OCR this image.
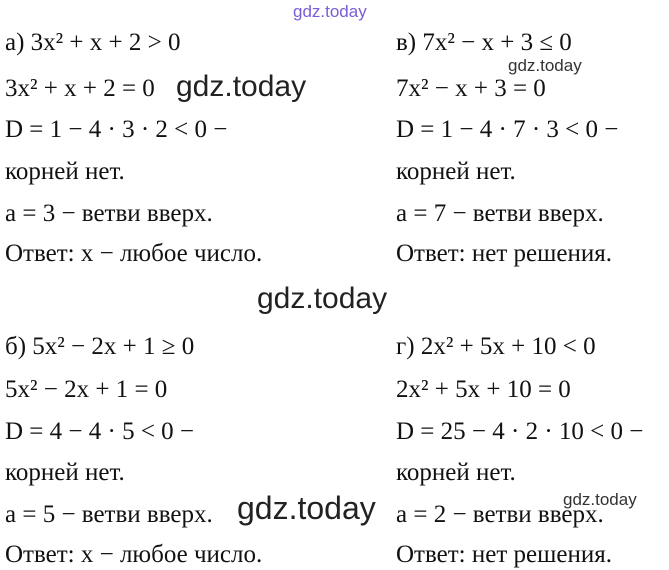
gdz.today
а) 3x² + x + 2 > 0
3x² + x + 2 = 0 gdz.today
D = 1 − 4 · 3 · 2 < 0 −
корней нет.
a = 3 − ветви вверх.
Ответ: x − любое число.
в) 7x² − x + 3 ≤ 0
gdz.today
7x² − x + 3 = 0
D = 1 − 4 · 7 · 3 < 0 −
корней нет.
a = 7 − ветви вверх.
Ответ: нет решения.
gdz.today
б) 5x² − 2x + 1 ≥ 0
5x² − 2x + 1 = 0
D = 4 − 4 · 5 < 0 −
корней нет.
a = 5 − ветви вверх. gdz.today
Ответ: x − любое число.
г) 2x² + 5x + 10 < 0
2x² + 5x + 10 = 0
D = 25 − 4 · 2 · 10 < 0 −
корней нет.
gdz.today
a = 2 − ветви вверх.
Ответ: нет решения.
